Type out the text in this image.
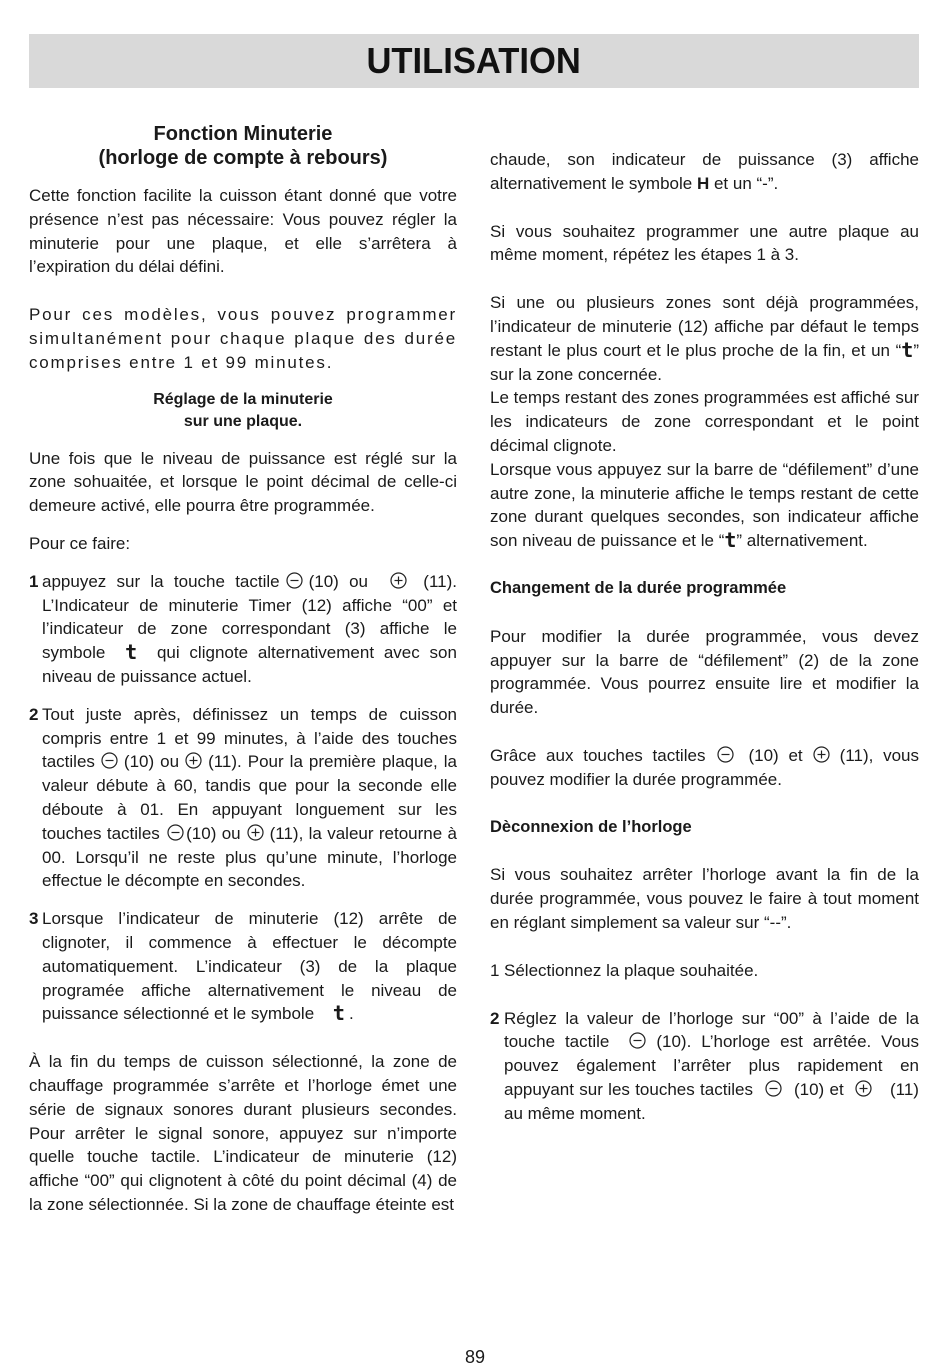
UTILISATION
Fonction Minuterie
(horloge de compte à rebours)

Cette fonction facilite la cuisson étant donné que votre présence n’est pas nécessaire: Vous pouvez régler la minuterie pour une plaque, et elle s’arrêtera à l’expiration du délai défini.

Pour ces modèles, vous pouvez programmer simultanément pour chaque plaque des durée comprises entre 1 et 99 minutes.

Réglage de la minuterie
sur une plaque.

Une fois que le niveau de puissance est réglé sur la zone sohuaitée, et lorsque le point décimal de celle-ci demeure activé, elle pourra être programmée.

Pour ce faire:

1 appuyez sur la touche tactile (10) ou	(11). L’Indicateur de minuterie Timer (12) affiche “00” et l’indicateur de zone correspondant (3) affiche le symbole t qui clignote alternativement avec son niveau de puissance actuel.
2 Tout juste après, définissez un temps de cuisson compris entre 1 et 99 minutes, à l’aide des touches tactiles (10) ou (11). Pour la première plaque, la valeur débute à 60, tandis que pour la seconde elle déboute à 01. En appuyant longuement sur les touches tactiles (10) ou (11), la valeur retourne à 00. Lorsqu’il ne reste plus qu’une minute, l’horloge effectue le décompte en secondes.
3 Lorsque l’indicateur de minuterie (12) arrête de clignoter, il commence à effectuer le décompte automatiquement. L’indicateur (3) de la plaque programée affiche alternativement le niveau de puissance sélectionné et le symbole t .

À la fin du temps de cuisson sélectionné, la zone de chauffage programmée s’arrête et l’horloge émet une série de signaux sonores durant plusieurs secondes. Pour arrêter le signal sonore, appuyez sur n’importe quelle touche tactile. L’indicateur de minuterie (12) affiche “00” qui clignotent à côté du point décimal (4) de la zone sélectionnée. Si la zone de chauffage éteinte est

chaude, son indicateur de puissance (3) affiche alternativement le symbole H et un “-”.

Si vous souhaitez programmer une autre plaque au même moment, répétez les étapes 1 à 3.

Si une ou plusieurs zones sont déjà programmées, l’indicateur de minuterie (12) affiche par défaut le temps restant le plus court et le plus proche de la fin, et un “t” sur la zone concernée.

Le temps restant des zones programmées est affiché sur les indicateurs de zone correspondant et le point décimal clignote.

Lorsque vous appuyez sur la barre de “défilement” d’une autre zone, la minuterie affiche le temps restant de cette zone durant quelques secondes, son indicateur affiche son niveau de puissance et le “t” alternativement.

Changement de la durée programmée

Pour modifier la durée programmée, vous devez appuyer sur la barre de “défilement” (2) de la zone programmée. Vous pourrez ensuite lire et modifier la durée.

Grâce aux touches tactiles	(10) et (11), vous pouvez modifier la durée programmée.

Dèconnexion de l’horloge

Si vous souhaitez arrêter l’horloge avant la fin de la durée programmée, vous pouvez le faire à tout moment en réglant simplement sa valeur sur “--”.

1 Sélectionnez la plaque souhaitée.
2 Réglez la valeur de l’horloge sur “00” à l’aide de la touche tactile	(10). L’horloge est arrêtée. Vous pouvez également l’arrêter plus rapidement en appuyant sur les touches tactiles (10) et	(11) au même moment.
89
